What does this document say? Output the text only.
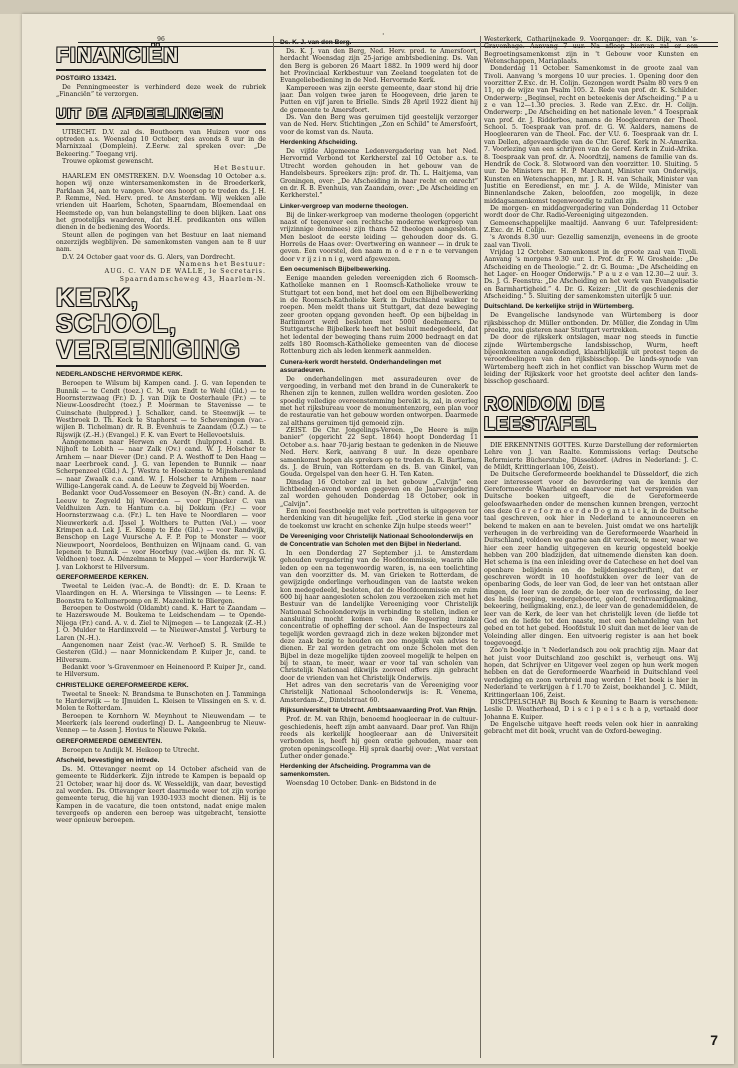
·
96
FINANCIËN
POSTGIRO 133421.

De Penningmeester is verhinderd deze week de rubriek „Financiën” te verzorgen.

UIT DE AFDEELINGEN

UTRECHT. D.V. zal ds. Bouthoorn van Huizen voor ons optreden a.s. Woensdag 10 October, des avonds 8 uur in de Marnixzaal (Domplein). Z.Eerw. zal spreken over: „De Bekeering.” Toegang vrij.

Trouwe opkomst gewenscht.

Het Bestuur.

HAARLEM EN OMSTREKEN. D.V. Woensdag 10 October a.s. hopen wij onze wintersamenkomsten in de Broederkerk, Parklaan 34, aan te vangen. Voor ons hoopt op te treden ds. J. H. P. Remme, Ned. Herv. pred. te Amsterdam. Wij wekken alle vrienden uit Haarlem, Schoten, Spaarndam, Bloemendaal en Heemstede op, van hun belangstelling te doen blijken. Laat ons het grootelijks waarderen, dat H.H. predikanten ons willen dienen in de bediening des Woords.

Steunt allen de pogingen van het Bestuur en laat niemand onzerzijds wegblijven. De samenkomsten vangen aan te 8 uur nam.

D.V. 24 October gaat voor ds. G. Alers, van Dordrecht.

Namens het Bestuur:
AUG. C. VAN DE WALLE, le Secretaris.
Spaarndamscheweg 43, Haarlem-N.
KERK, SCHOOL, VEREENIGING
NEDERLANDSCHE HERVORMDE KERK.

Beroepen te Wilsum bij Kampen cand. J. G. van Iependen te Bunnik — te Cendt (toez.) C. M. van Endt te Wehl (Gld.) — te Hoornsterzwaag (Fr.) D. J. van Dijk te Oosterhaule (Fr.) — te Nieuw-Loosdrecht (toez.) P. Moerman te Stavenisse — te Cuinschate (hulppred.) J. Schalker, cand. te Steenwijk — te Westbroek D. Th. Keck te Staphorst — te Scheveningen (vac.-wijlen B. Tichelman) dr. R. B. Evenhuis te Zaandam (O.Z.) — te Rijswijk (Z.-H.) (Evangel.) F. K. van Evert te Hellevoetsluis.

Aangenomen naar Herwen en Aerdt (hulppred.) cand. B. Nijholt te Lobith — naar Zalk (Ov.) cand. W. J. Holscher te Arnhem — naar Diever (Dr.) cand. P. A. Westhoff te Den Haag — naar Leerbroek cand. J. G. van Iependen te Bunnik — naar Scherpenzeel (Gld.) A. J. Westra te Hoekzema te Mijnsherenland — naar Zwaalk c.a. cand. W. J. Holscher te Arnhem — naar Willige-Langerak cand. A. de Leeuw te Zegveld bij Woerden.

Bedankt voor Oud-Vossemeer en Besoyen (N.-Br.) cand. A. de Leeuw te Zegveld bij Woerden — voor Pijnacker C. van Veldhuizen Azn. te Hantum c.a. bij Dokkum (Fr.) — voor Hoornsterzwaag c.a. (Fr.) L. ten Have te Noordlaren — voor Nieuwerkerk a.d. IJssel J. Wolthers te Putten (Vel.) — voor Krimpen a.d. Lek J. E. Klomp te Ede (Gld.) — voor Randwijk, Benschop en Lage Vuursche A. F. P. Pop te Monster — voor Nieuwpoort, Noordeloos, Benthuizen en Wijnaam cand. G. van Iepenen te Bunnik — voor Hoorbuy (vac.-wijlen ds. mr. N. G. Veldhoen) toez. A. Dénzelmann te Meppel — voor Harderwijk W. J. van Lokhorst te Hilversum.

GEREFORMEERDE KERKEN.

Tweetal te Leiden (vac.-A. de Bondt): dr. E. D. Kraan te Vlaardingen en H. A. Wiersinga te Vlissingen — te Leens: F. Boonstra te Kollumerpomp en E. Mazeelink te Bliergen.

Beroepen te Oostwold (Oldambt) cand. K. Hart te Zaandam — te Hazerswoude M. Boukema te Leidschendam — te Opende-Nijega (Fr.) cand. A. v. d. Ziel te Nijmegen — te Langezak (Z.-H.) J. O. Mulder te Hardinxveld — te Nieuwer-Amstel J. Verburg te Laren (N.-H.).

Aangenomen naar Zeist (vac.-W. Verhoef) S. R. Smilde te Gesteren (Gld.) — naar Monnickendam P. Kuiper Jr., cand. te Hilversum.

Bedankt voor 's-Gravenmoer en Heinenoord P. Kuiper Jr., cand. te Hilversum.

CHRISTELIJKE GEREFORMEERDE KERK.

Tweetal te Sneek: N. Brandsma te Bunschoten en J. Tamminga te Harderwijk — te IJmuiden L. Kleisen te Vlissingen en S. v. d. Molen te Rotterdam.

Beroepen te Kornhorn W. Meynhout te Nieuwendam — te Meerkerk (als leerend ouderling) D. L. Aangeenbrug te Nieuw-Vennep — te Assen J. Hovius te Nieuwe Pekela.

GEREFORMEERDE GEMEENTEN.

Beroepen te Andijk M. Heikoop te Utrecht.

Afscheid, bevestiging en intrede.

Ds. M. Ottevanger neemt op 14 October afscheid van de gemeente te Ridderkerk. Zijn intrede te Kampen is bepaald op 21 October, waar hij door ds. W. Wesseldijk, van daar, bevestigd zal worden. Ds. Ottevanger keert daarmede weer tot zijn vorige gemeente terug, die hij van 1930-1933 mocht dienen. Hij is te Kampen in de vacature, die toen ontstond, nadat enige malen tevergeefs op anderen een beroep was uitgebracht, tensiotte weer opnieuw beroepen.

Ds. K. J. van den Berg.

Ds. K. J. van den Berg, Ned. Herv. pred. te Amersfoort, herdacht Woensdag zijn 25-jarige ambtsbediening. Ds. Van den Berg is geboren 26 Maart 1882. In 1909 werd hij door het Provinciaal Kerkbestuur van Zeeland toegelaten tot de Evangeliebediening in de Ned. Hervormde Kerk.

Kampereeen was zijn eerste gemeente, daar stond hij drie jaar. Dan volgen twee jaren te Hoogeveen, drie jaren te Putten en vijf jaren te Brielle. Sinds 28 April 1922 dient hij de gemeente te Amersfoort.

Ds. Van den Berg was geruimen tijd geestelijk verzorger van de Ned. Herv. Stichtingen „Zon en Schild” te Amersfoort, voor de komst van ds. Nauta.

Herdenking Afscheiding.

De vijfde Algemeene Ledenvergadering van het Ned. Hervormd Verbond tot Kerkherstel zal 10 October a.s. te Utrecht worden gehouden in het gebouw van de Handelsbeurs. Spreekers zijn: prof. dr. Th. L. Haitjema, van Groningen, over: „De Afscheiding in haar recht en onrecht” en dr. R. B. Evenhuis, van Zaandam, over: „De Afscheiding en Kerkherstel.”

Linker-vergroep van moderne theologen.

Bij de linker-werkgroep van moderne theologen (opgericht naast of tegenover een rechtsche moderne werkgroep van vrijzinnige dominees) zijn thans 52 theologen aangesloten. Men besloot de eerste leiding — gehouden door ds. G. Horreüs de Haas over: Overtwering en wanneer — in druk te geven. Een voorstel, den naam m o d e r n e te vervangen door v r ij z i n n i g, werd afgewezen.

Een oecumenisch Bijbelbewerking.

Eenige maanden geleden vereenigden zich 6 Roomsch-Katholieke mannen en 1 Roomsch-Katholieke vrouw te Stuttgart tot een bond, met het doel om een Bijbelbewerking in de Roomsch-Katholieke Kerk in Duitschland wakker te roepen. Men meldt thans uit Stuttgart, dat deze beweging zeer grooten opgang gevonden heeft. Op een bijbeldag in Barlinmort werd besloten met 5000 deelnemers. De Stuttgartsche Bijbelkerk heeft het besluit medegedeeld, dat het ledental der beweging thans ruim 2000 bedraagt en dat zelfs 180 Roomsch-Katholieke gemeenten van de diocese Rottenburg zich als leden kenmerk aanmelden.

Cunera-kerk wordt hersteld. Onderhandelingen met assuradeuren.

De onderhandelingen met assuradeuren over de vergoeding, in verband met den brand in de Cunerakerk te Rhenen zijn te kennen, zullen welldra worden gesloten. Zoo spoedig volledige overeenstemming bereikt is, zal, in overleg met het rijksbureau voor de monumentenzorg, een plan voor de restauratie van het gebouw worden ontworpen. Daarmede zal althans geruimen tijd gemoeid zijn.

ZEIST. De Chr. Jongelings-Vereen. „De Heere is mijn banier” (opgericht 22 Sept. 1864) hoopt Donderdag 11 October a.s. haar 70-jarig bestaan te gedenken in de Nieuwe Ned. Herv. Kerk, aanvang 8 uur. In deze openbare samenkomst hopen als sprekers op te treden ds. R. Bartlema, ds. J. de Bruin, van Rotterdam en ds. B. van Ginkel, van Gouda. Orgelspel van den heer G. H. Ten Katen.

Dinsdag 16 October zal in het gebouw „Calvijn” een lichtbeelden-avond worden gegeven en de Jaarvergadering zal worden gehouden Donderdag 18 October, ook in „Calvijn”.

Een mooi feestboekje met vele portretten is uitgegeven ter herdenking van dit heugelijke feit. „God sterke in gena voor de toekomst uw kracht en schenke Zijn hulpe steeds weer!”

De Vereeniging voor Christelijk Nationaal Schoolonderwijs en de Concentratie van Scholen met den Bijbel in Nederland.

In een Donderdag 27 September j.l. te Amsterdam gehouden vergadering van de Hoofdcommissie, waarin alle leden op een na tegenwoordig waren, is, na een toelichting van den voorzitter ds. M. van Grieken te Rotterdam, de gewijzigde onderlinge verhoudingen van de laatste weken kon medegedeeld, besloten, dat de Hoofdcommissie en ruim 600 bij haar aangesloten scholen zou verzoeken zich met het Bestuur van de landelijke Vereeniging voor Christelijk Nationaal Schoolonderwijs in verbinding te stellen, indien er aansluiting mocht komen van de Regeering inzake concentratie of opheffing der school. Aan de Inspecteurs zal tegelijk worden gevraagd zich in deze weken bijzonder met deze zaak bezig te houden en zoo mogelijk van advies te dienen. Er zal worden getracht om onze Scholen met den Bijbel in deze mogelijke tijden zooveel mogelijk te helpen en bij te staan, te meer, waar er voor tal van scholen van Christelijk Nationaal dikwijls zooveel offers zijn gebracht door de vrienden van het Christelijk Onderwijs.

Het adres van den secretaris van de Vereeniging voor Christelijk Nationaal Schoolonderwijs is: R. Venema, Amsterdam-Z., Dintelstraat 60.

Rijksuniversiteit te Utrecht. Ambtsaanvaarding Prof. Van Rhijn.

Prof. dr. M. van Rhijn, benoemd hoogleeraar in de cultuur-geschiedenis, heeft zijn ambt aanvaard. Daar prof. Van Rhijn reeds als kerkelijk hoogleeraar aan de Universiteit verbonden is, heeft hij geen oratie gehouden, maar een groten openingscollege. Hij sprak daarbij over: „Wat verstaat Luther onder genade.”

Herdenking der Afscheiding. Programma van de samenkomsten.

Woensdag 10 October. Dank- en Bidstond in de

Westerkerk, Catharijnekade 9. Voorganger: dr. K. Dijk, van 's-Gravenhage. Aanvang 7 uur. Na afloop hiervan zal er een Begroetingsamenkomst zijn in 't Gebouw voor Kunsten en Wetenschappen, Mariaplaats.

Donderdag 11 October. Samenkomst in de groote zaal van Tivoli. Aanvang 's morgens 10 uur precies. 1. Opening door den voorzitter Z.Exc. dr. H. Colijn. Gezongen wordt Psalm 80 vers 9 en 11, op de wijze van Psalm 105. 2. Rede van prof. dr. K. Schilder. Onderwerp: „Beginsel, recht en beteekenis der Afscheiding.” P a u z e van 12—1.30 precies. 3. Rede van Z.Exc. dr. H. Colijn. Onderwerp: „De Afscheiding en het nationale leven.” 4 Toespraak van prof. dr. J. Ridderbos, namens de Hoogleeraren der Theol. School. 5. Toespraak van prof. dr. G. W. Aalders, namens de Hoogleeraren van de Theol. Fac. der V.U. 6. Toespraak van dr. I. van Dellen, afgevaardigde van de Chr. Geref. Kerk in N.-Amerika. 7. Voorlezing van een schrijven van de Geref. Kerk in Zuid-Afrika. 8. Toespraak van prof. dr. A. Noordtzij, namens de familie van ds. Hendrik de Cock. 8. Slotwoord van den voorzitter. 10. Sluiting. 5 uur. De Ministers mr. H. P. Marchant, Minister van Onderwijs, Kunsten en Wetenschappen, mr. J. R. H. van Schaik, Minister van Justitie en Eeredienst, en mr. J. A. de Wilde, Minister van Binnenlandsche Zaken, beloofden, zoo mogelijk, in deze middagsamenkomst tegenwoordig te zullen zijn.

De morgen- en middagvergadering van Donderdag 11 October wordt door de Chr. Radio-Vereeniging uitgezonden.

Gemeenschappelijke maaltijd. Aanvang 6 uur. Tafelpresident: Z.Exc. dr. H. Colijn.

's Avonds 8.30 uur: Gezellig samenzijn, eveneens in de groote zaal van Tivoli.

Vrijdag 12 October. Samenkomst in de groote zaal van Tivoli. Aanvang 's morgens 9.30 uur. 1. Prof. dr. F. W. Grosheide: „De Afscheiding en de Theologie.” 2. dr. G. Bouma: „De Afscheiding en het Lager- en Hooger Onderwijs.” P a u z e van 12.30—2 uur. 3. Ds. J. G. Feenstra: „De Afscheiding en het werk van Evangelisatie en Barmhartigheid.” 4. Dr. G. Keizer: „Uit de geschiedenis der Afscheiding.” 5. Sluiting der samenkomsten uiterlijk 5 uur.

Duitschland. De kerkelijke strijd in Würtemberg.

De Evangelische landsynode van Würtemberg is door rijksbisschop dr. Müller ontbonden. Dr. Müller, die Zondag in Ulm preekte, zou gisteren naar Stuttgart vertrekken.

De door de rijkskerk ontslagen, maar nog steeds in functie zijnde Würtembergsche landsbisschop, Wurm, heeft bijeenkomsten aangekondigd, klaarblijkelijk uit protest tegen de veroordeelingen van den rijksbisschop. De lands-synode van Würtemberg heeft zich in het conflict van bisschop Wurm met de leiding der Rijkskerk voor het grootste deel achter den lands-bisschop geschaard.

RONDOM DE LEESTAFEL

DIE ERKENNTNIS GOTTES. Kurze Darstellung der reformierten Lehre von J. van Raalte. Kommissions verlag: Deutsche Reformierte Bücherstube, Düsseldorf. (Adres in Nederland: J. C. de Mildt, Krittingerlaan 106, Zeist).

De Duitsche Gereformeerde boekhandel te Düsseldorf, die zich zeer interesseert voor de bevordering van de kennis der Gereformeerde Waarheid en daarvoor met het verspreiden van Duitsche boeken uitgeeft, die de Gereformeerde geloofswaarheden onder de menschen kunnen brengen, verzocht ons deze G e r e f o r m e e r d e D o g m a t i e k, in de Duitsche taal geschreven, ook hier in Nederland te announceeren en bekend te maken en aan te bevelen. Juist omdat we ons hartelijk verheugen in de verbreiding van de Gereformeerde Waarheid in Duitschland, voldoen we gaarne aan dit verzoek, te meer, waar we hier een zeer handig uitgegeven en keurig opgesteld boekje hebben van 200 bladzijden, dat uitnemende diensten kan doen. Het schema is (na een inleiding over de Catechese en het doel van openbare belijdenis en de belijdenisgeschriften), dat er geschreven wordt in 10 hoofdstukken over de leer van de openbaring Gods, de leer van God, de leer van het ontstaan aller dingen, de leer van de zonde, de leer van de verlossing, de leer des heils (roeping, wedergeboorte, geloof, rechtvaardigmaking, bekeering, heiligmaking, enz.), de leer van de genademiddelen, de leer van de Kerk, de leer van het christelijk leven (de liefde tot God en de liefde tot den naaste, met een behandeling van het gebed en tot het gebed. Hoofdstuk 10 sluit dan met de leer van de Voleinding aller dingen. Een uitvoerig register is aan het boek toegevoegd.

Zoo'n boekje in 't Nederlandsch zou ook prachtig zijn. Maar dat het juist voor Duitschland zoo geschikt is, verheugt ons. Wij hopen, dat Schrijver en Uitgever veel zegen op hun werk mogen hebben en dat de Gereformeerde Waarheid in Duitschland veel verdediging en zoon verbreid mag worden ! Het boek is hier in Nederland te verkrijgen à f 1.70 te Zeist, boekhandel J. C. Mildt, Krittingerlaan 106, Zeist.

DISCIPELSCHAP. Bij Bosch & Keuning te Baarn is verschenen: Leslie D. Weatherhead, D i s c i p e l s c h a p, vertaald door Johanna E. Kuiper.

De Engelsche uitgave heeft reeds velen ook hier in aanraking gebracht met dit boek, vrucht van de Oxford-beweging.

7
